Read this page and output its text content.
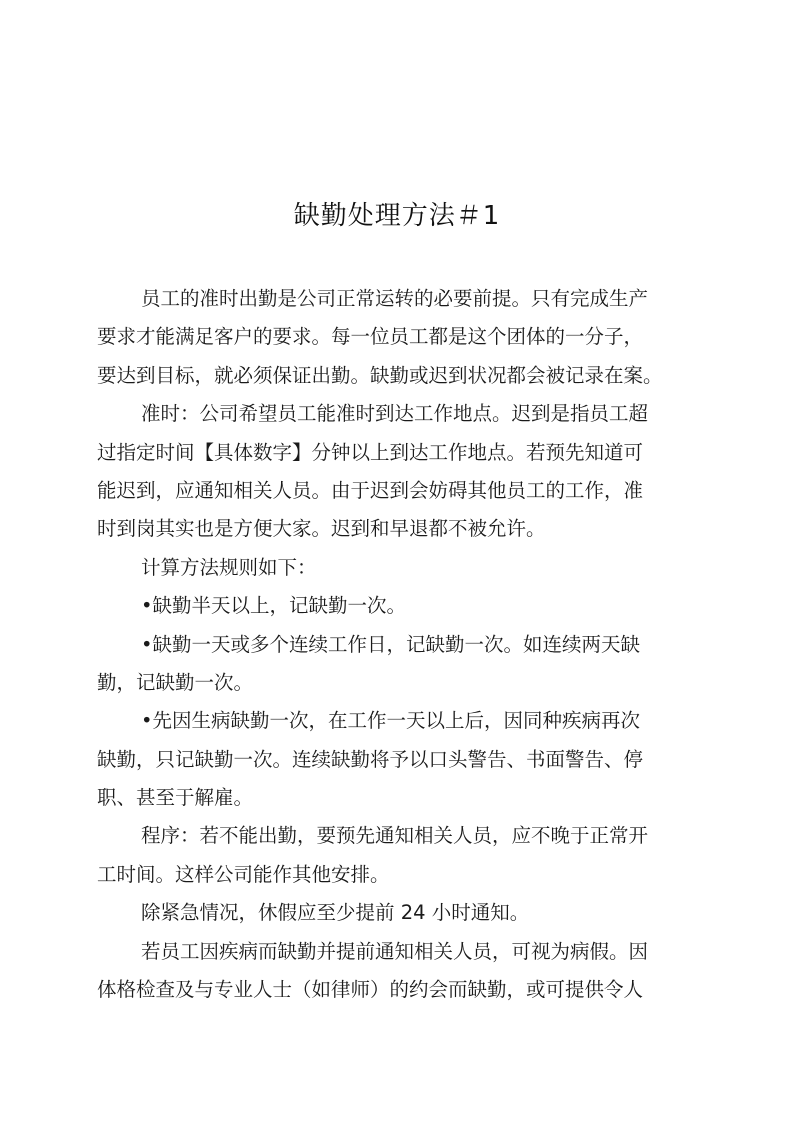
缺勤处理方法＃1

员工的准时出勤是公司正常运转的必要前提。只有完成生产
要求才能满足客户的要求。每一位员工都是这个团体的一分子，
要达到目标，就必须保证出勤。缺勤或迟到状况都会被记录在案。

准时：公司希望员工能准时到达工作地点。迟到是指员工超
过指定时间【具体数字】分钟以上到达工作地点。若预先知道可
能迟到，应通知相关人员。由于迟到会妨碍其他员工的工作，准
时到岗其实也是方便大家。迟到和早退都不被允许。

计算方法规则如下：

•缺勤半天以上，记缺勤一次。

•缺勤一天或多个连续工作日，记缺勤一次。如连续两天缺
勤，记缺勤一次。

•先因生病缺勤一次，在工作一天以上后，因同种疾病再次
缺勤，只记缺勤一次。连续缺勤将予以口头警告、书面警告、停
职、甚至于解雇。

程序：若不能出勤，要预先通知相关人员，应不晚于正常开
工时间。这样公司能作其他安排。

除紧急情况，休假应至少提前 24 小时通知。

若员工因疾病而缺勤并提前通知相关人员，可视为病假。因
体格检查及与专业人士（如律师）的约会而缺勤，或可提供令人
